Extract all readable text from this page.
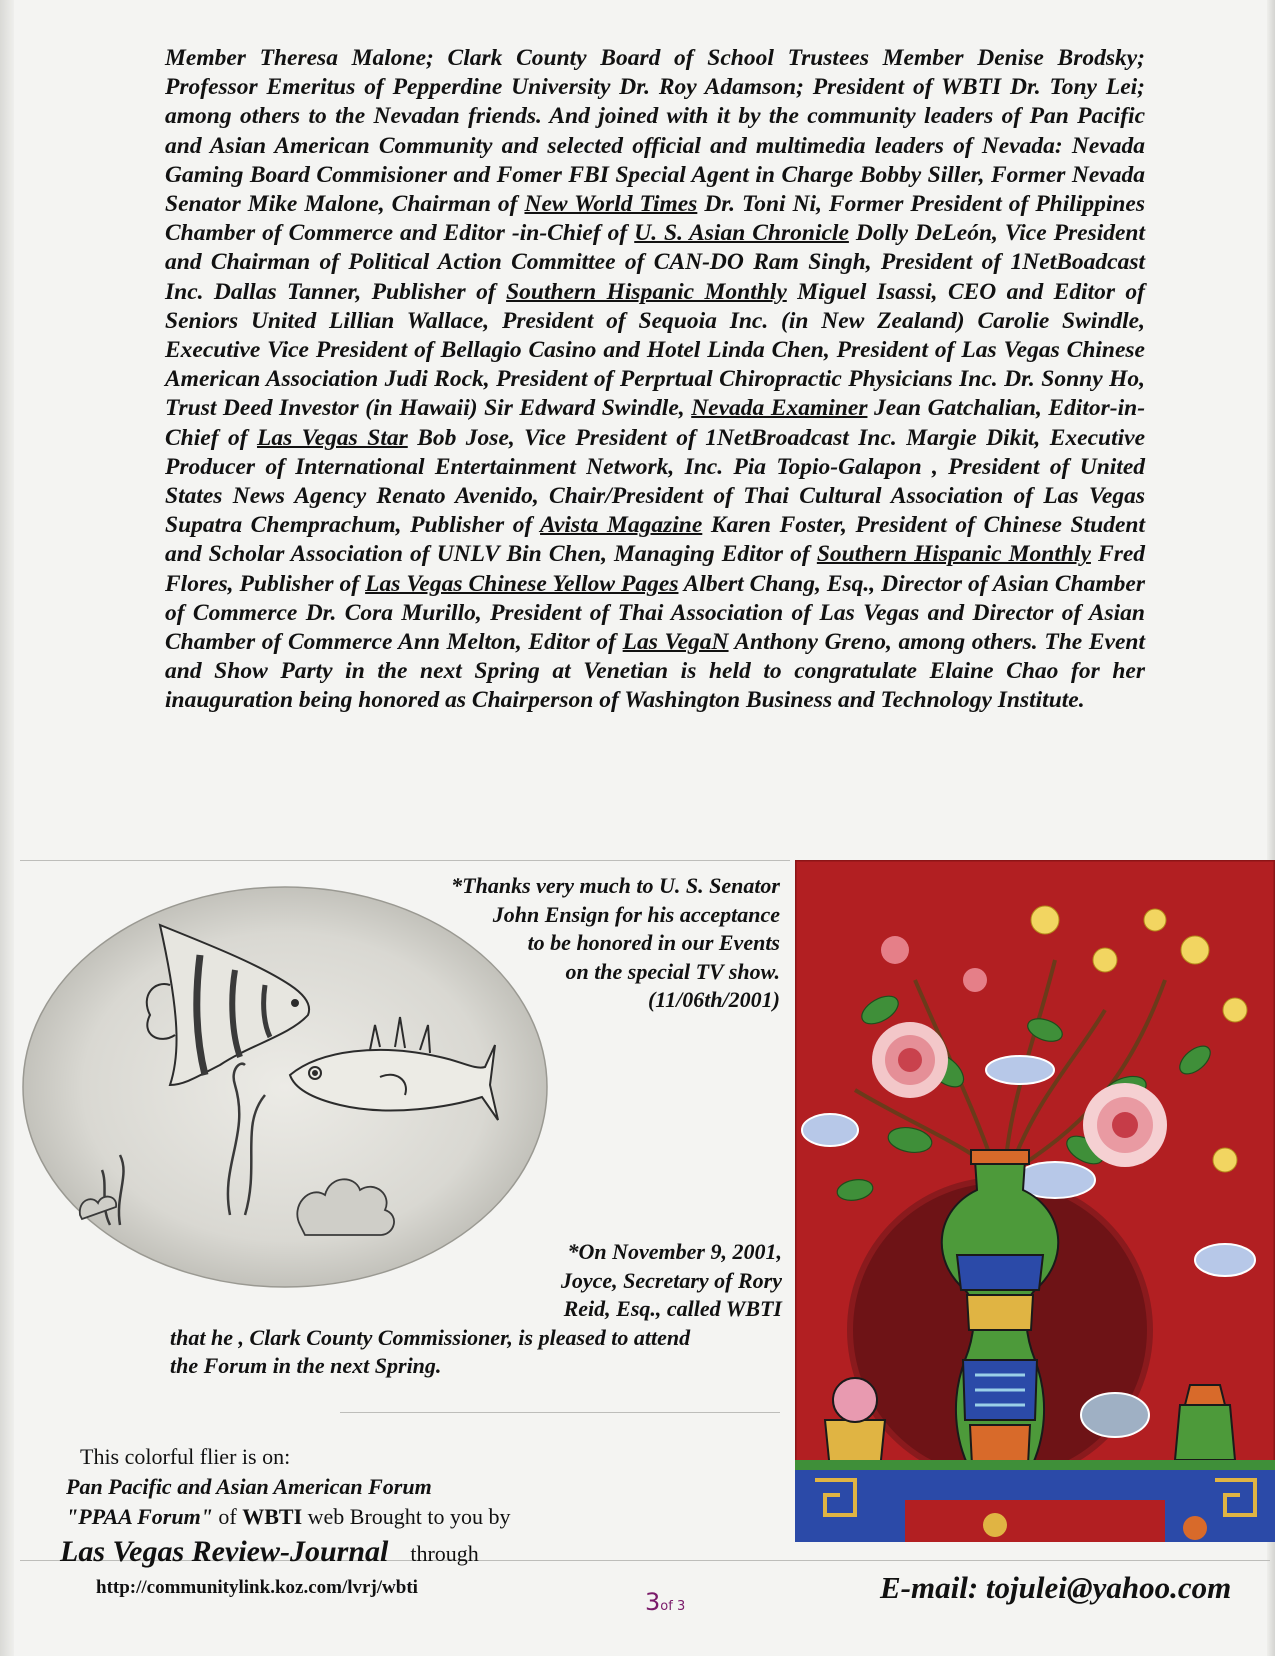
Member Theresa Malone; Clark County Board of School Trustees Member Denise Brodsky; Professor Emeritus of Pepperdine University Dr. Roy Adamson; President of WBTI Dr. Tony Lei; among others to the Nevadan friends. And joined with it by the community leaders of Pan Pacific and Asian American Community and selected official and multimedia leaders of Nevada: Nevada Gaming Board Commisioner and Fomer FBI Special Agent in Charge Bobby Siller, Former Nevada Senator Mike Malone, Chairman of New World Times Dr. Toni Ni, Former President of Philippines Chamber of Commerce and Editor -in-Chief of U. S. Asian Chronicle Dolly DeLeón, Vice President and Chairman of Political Action Committee of CAN-DO Ram Singh, President of 1NetBoadcast Inc. Dallas Tanner, Publisher of Southern Hispanic Monthly Miguel Isassi, CEO and Editor of Seniors United Lillian Wallace, President of Sequoia Inc. (in New Zealand) Carolie Swindle, Executive Vice President of Bellagio Casino and Hotel Linda Chen, President of Las Vegas Chinese American Association Judi Rock, President of Perprtual Chiropractic Physicians Inc. Dr. Sonny Ho, Trust Deed Investor (in Hawaii) Sir Edward Swindle, Nevada Examiner Jean Gatchalian, Editor-in-Chief of Las Vegas Star Bob Jose, Vice President of 1NetBroadcast Inc. Margie Dikit, Executive Producer of International Entertainment Network, Inc. Pia Topio-Galapon , President of United States News Agency Renato Avenido, Chair/President of Thai Cultural Association of Las Vegas Supatra Chemprachum, Publisher of Avista Magazine Karen Foster, President of Chinese Student and Scholar Association of UNLV Bin Chen, Managing Editor of Southern Hispanic Monthly Fred Flores, Publisher of Las Vegas Chinese Yellow Pages Albert Chang, Esq., Director of Asian Chamber of Commerce Dr. Cora Murillo, President of Thai Association of Las Vegas and Director of Asian Chamber of Commerce Ann Melton, Editor of Las VegaN Anthony Greno, among others. The Event and Show Party in the next Spring at Venetian is held to congratulate Elaine Chao for her inauguration being honored as Chairperson of Washington Business and Technology Institute.
*Thanks very much to U. S. Senator
John Ensign for his acceptance
to be honored in our Events
on the special TV show.
(11/06th/2001)
*On November 9, 2001,
Joyce, Secretary of Rory
Reid, Esq., called WBTI
that he , Clark County Commissioner, is pleased to attend
the Forum in the next Spring.
This colorful flier is on:
Pan Pacific and Asian American Forum
"PPAA Forum" of WBTI web Brought to you by
Las Vegas Review-Journal through
http://communitylink.koz.com/lvrj/wbti
3of 3
E-mail: tojulei@yahoo.com
